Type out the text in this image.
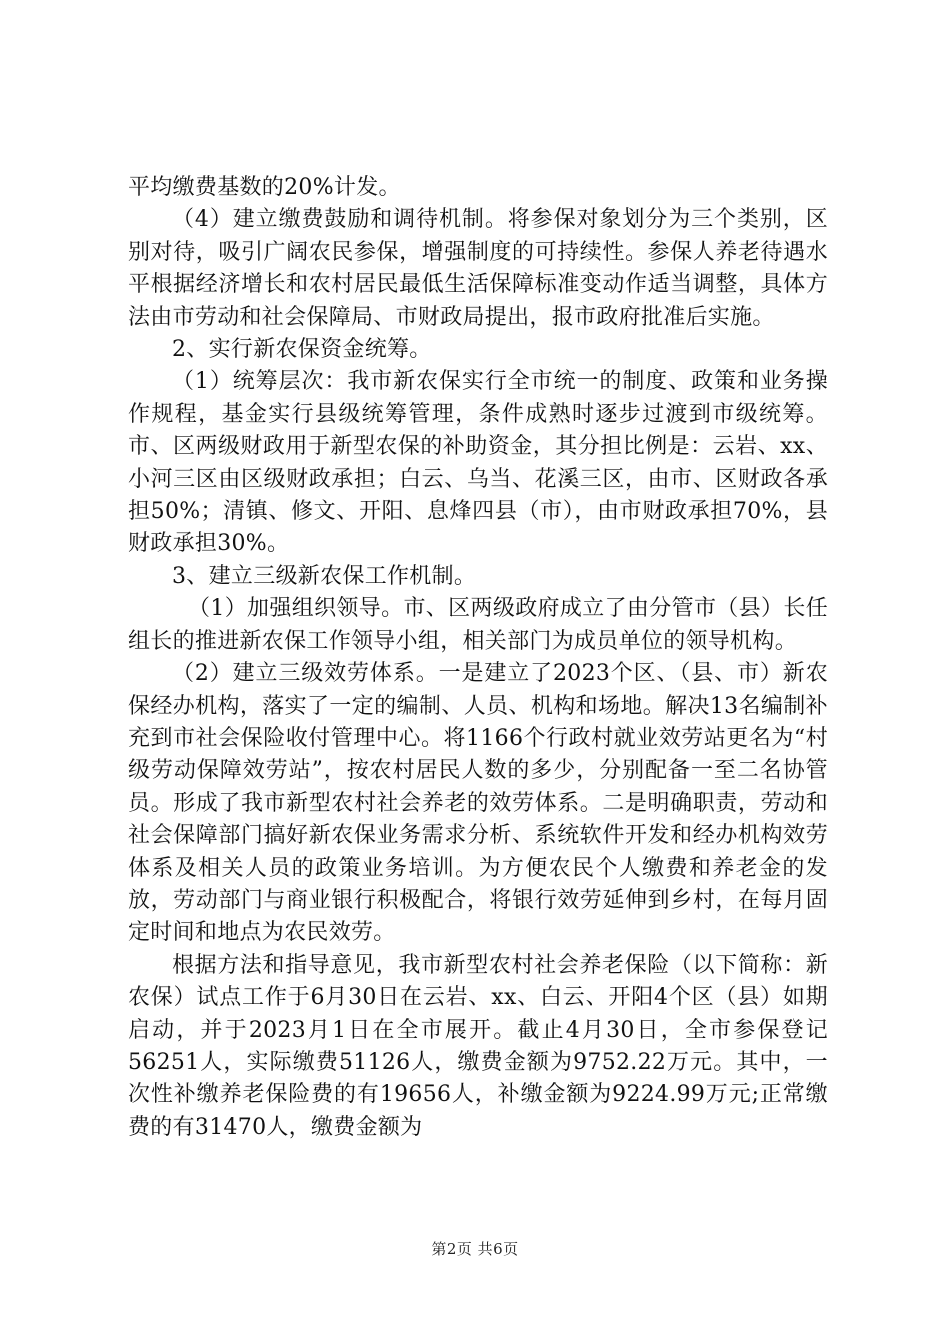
平均缴费基数的20%计发。

（4）建立缴费鼓励和调待机制。将参保对象划分为三个类别，区别对待，吸引广阔农民参保，增强制度的可持续性。参保人养老待遇水平根据经济增长和农村居民最低生活保障标准变动作适当调整，具体方法由市劳动和社会保障局、市财政局提出，报市政府批准后实施。

2、实行新农保资金统筹。

（1）统筹层次：我市新农保实行全市统一的制度、政策和业务操作规程，基金实行县级统筹管理，条件成熟时逐步过渡到市级统筹。市、区两级财政用于新型农保的补助资金，其分担比例是：云岩、xx、小河三区由区级财政承担；白云、乌当、花溪三区，由市、区财政各承担50%；清镇、修文、开阳、息烽四县（市），由市财政承担70%，县财政承担30%。

3、建立三级新农保工作机制。

（1）加强组织领导。市、区两级政府成立了由分管市（县）长任组长的推进新农保工作领导小组，相关部门为成员单位的领导机构。

（2）建立三级效劳体系。一是建立了2023个区、（县、市）新农保经办机构，落实了一定的编制、人员、机构和场地。解决13名编制补充到市社会保险收付管理中心。将1166个行政村就业效劳站更名为“村级劳动保障效劳站”，按农村居民人数的多少，分别配备一至二名协管员。形成了我市新型农村社会养老的效劳体系。二是明确职责，劳动和社会保障部门搞好新农保业务需求分析、系统软件开发和经办机构效劳体系及相关人员的政策业务培训。为方便农民个人缴费和养老金的发放，劳动部门与商业银行积极配合，将银行效劳延伸到乡村，在每月固定时间和地点为农民效劳。

根据方法和指导意见，我市新型农村社会养老保险（以下简称：新农保）试点工作于6月30日在云岩、xx、白云、开阳4个区（县）如期启动，并于2023月1日在全市展开。截止4月30日，全市参保登记56251人，实际缴费51126人，缴费金额为9752.22万元。其中，一次性补缴养老保险费的有19656人，补缴金额为9224.99万元;正常缴费的有31470人，缴费金额为

第2页 共6页
